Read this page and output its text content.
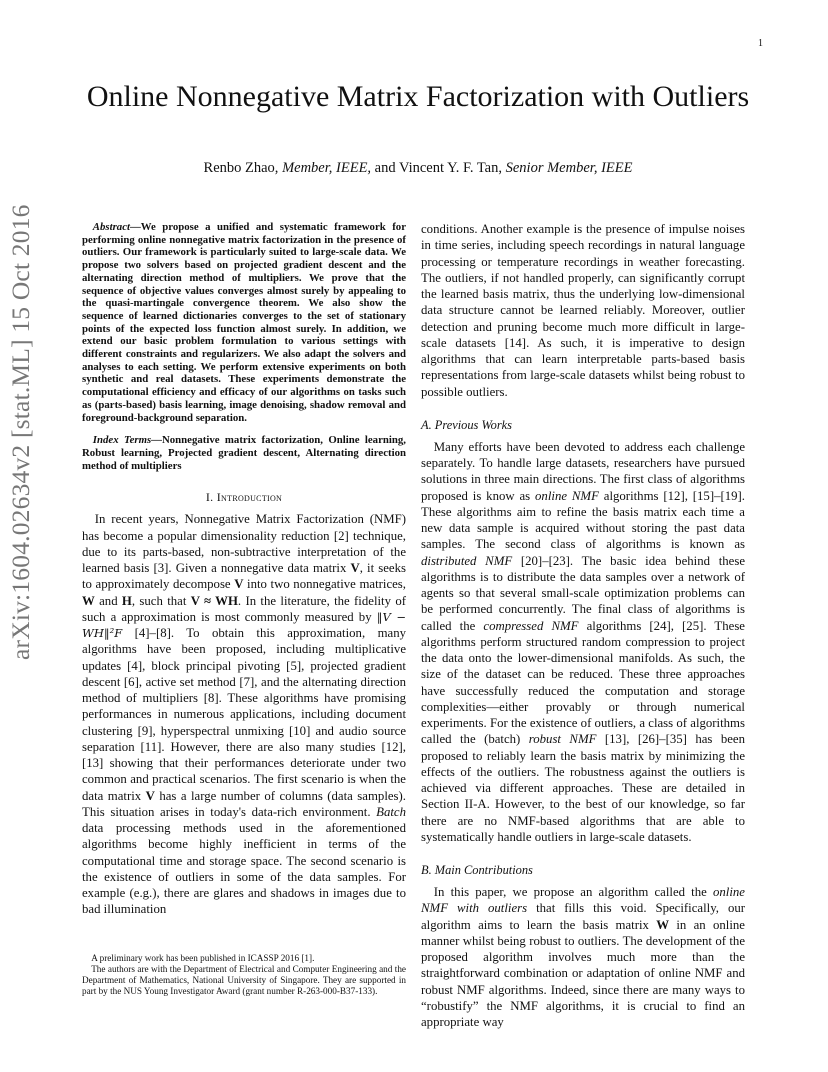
1
arXiv:1604.02634v2 [stat.ML] 15 Oct 2016
Online Nonnegative Matrix Factorization with Outliers
Renbo Zhao, Member, IEEE, and Vincent Y. F. Tan, Senior Member, IEEE

Abstract—We propose a unified and systematic framework for performing online nonnegative matrix factorization in the presence of outliers. Our framework is particularly suited to large-scale data. We propose two solvers based on projected gradient descent and the alternating direction method of multipliers. We prove that the sequence of objective values converges almost surely by appealing to the quasi-martingale convergence theorem. We also show the sequence of learned dictionaries converges to the set of stationary points of the expected loss function almost surely. In addition, we extend our basic problem formulation to various settings with different constraints and regularizers. We also adapt the solvers and analyses to each setting. We perform extensive experiments on both synthetic and real datasets. These experiments demonstrate the computational efficiency and efficacy of our algorithms on tasks such as (parts-based) basis learning, image denoising, shadow removal and foreground-background separation.

Index Terms—Nonnegative matrix factorization, Online learning, Robust learning, Projected gradient descent, Alternating direction method of multipliers

I. Introduction

In recent years, Nonnegative Matrix Factorization (NMF) has become a popular dimensionality reduction [2] technique, due to its parts-based, non-subtractive interpretation of the learned basis [3]. Given a nonnegative data matrix V, it seeks to approximately decompose V into two nonnegative matrices, W and H, such that V ≈ WH. In the literature, the fidelity of such a approximation is most commonly measured by ‖V − WH‖²F [4]–[8]. To obtain this approximation, many algorithms have been proposed, including multiplicative updates [4], block principal pivoting [5], projected gradient descent [6], active set method [7], and the alternating direction method of multipliers [8]. These algorithms have promising performances in numerous applications, including document clustering [9], hyperspectral unmixing [10] and audio source separation [11]. However, there are also many studies [12], [13] showing that their performances deteriorate under two common and practical scenarios. The first scenario is when the data matrix V has a large number of columns (data samples). This situation arises in today's data-rich environment. Batch data processing methods used in the aforementioned algorithms become highly inefficient in terms of the computational time and storage space. The second scenario is the existence of outliers in some of the data samples. For example (e.g.), there are glares and shadows in images due to bad illumination

A preliminary work has been published in ICASSP 2016 [1].

The authors are with the Department of Electrical and Computer Engineering and the Department of Mathematics, National University of Singapore. They are supported in part by the NUS Young Investigator Award (grant number R-263-000-B37-133).

conditions. Another example is the presence of impulse noises in time series, including speech recordings in natural language processing or temperature recordings in weather forecasting. The outliers, if not handled properly, can significantly corrupt the learned basis matrix, thus the underlying low-dimensional data structure cannot be learned reliably. Moreover, outlier detection and pruning become much more difficult in large-scale datasets [14]. As such, it is imperative to design algorithms that can learn interpretable parts-based basis representations from large-scale datasets whilst being robust to possible outliers.

A. Previous Works

Many efforts have been devoted to address each challenge separately. To handle large datasets, researchers have pursued solutions in three main directions. The first class of algorithms proposed is know as online NMF algorithms [12], [15]–[19]. These algorithms aim to refine the basis matrix each time a new data sample is acquired without storing the past data samples. The second class of algorithms is known as distributed NMF [20]–[23]. The basic idea behind these algorithms is to distribute the data samples over a network of agents so that several small-scale optimization problems can be performed concurrently. The final class of algorithms is called the compressed NMF algorithms [24], [25]. These algorithms perform structured random compression to project the data onto the lower-dimensional manifolds. As such, the size of the dataset can be reduced. These three approaches have successfully reduced the computation and storage complexities—either provably or through numerical experiments. For the existence of outliers, a class of algorithms called the (batch) robust NMF [13], [26]–[35] has been proposed to reliably learn the basis matrix by minimizing the effects of the outliers. The robustness against the outliers is achieved via different approaches. These are detailed in Section II-A. However, to the best of our knowledge, so far there are no NMF-based algorithms that are able to systematically handle outliers in large-scale datasets.

B. Main Contributions

In this paper, we propose an algorithm called the online NMF with outliers that fills this void. Specifically, our algorithm aims to learn the basis matrix W in an online manner whilst being robust to outliers. The development of the proposed algorithm involves much more than the straightforward combination or adaptation of online NMF and robust NMF algorithms. Indeed, since there are many ways to “robustify” the NMF algorithms, it is crucial to find an appropriate way
